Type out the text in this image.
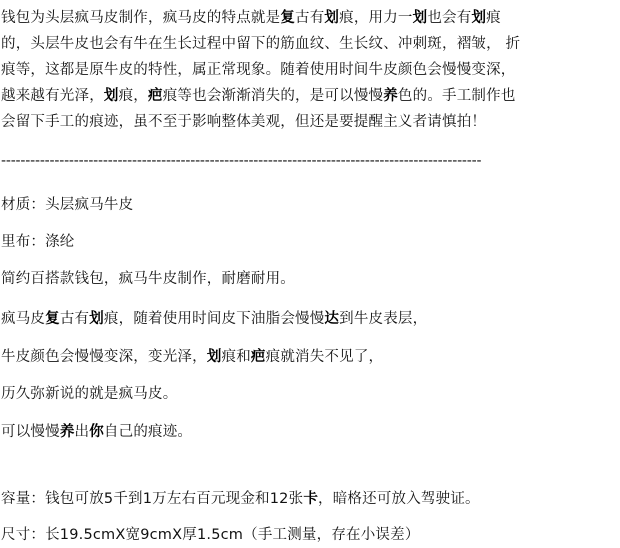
钱包为头层疯马皮制作，疯马皮的特点就是复古有划痕，用力一划也会有划痕
的，头层牛皮也会有牛在生长过程中留下的筋血纹、生长纹、冲刺斑，褶皱， 折
痕等，这都是原牛皮的特性，属正常现象。随着使用时间牛皮颜色会慢慢变深，
越来越有光泽，划痕，疤痕等也会渐渐消失的，是可以慢慢养色的。手工制作也
会留下手工的痕迹，虽不至于影响整体美观，但还是要提醒主义者请慎拍！
---------------------------------------------------------------------------------------------------

材质：头层疯马牛皮

里布：涤纶

简约百搭款钱包，疯马牛皮制作，耐磨耐用。

疯马皮复古有划痕，随着使用时间皮下油脂会慢慢达到牛皮表层，

牛皮颜色会慢慢变深，变光泽，划痕和疤痕就消失不见了，

历久弥新说的就是疯马皮。

可以慢慢养出你自己的痕迹。

容量：钱包可放5千到1万左右百元现金和12张卡，暗格还可放入驾驶证。

尺寸：长19.5cmX宽9cmX厚1.5cm（手工测量，存在小误差）
